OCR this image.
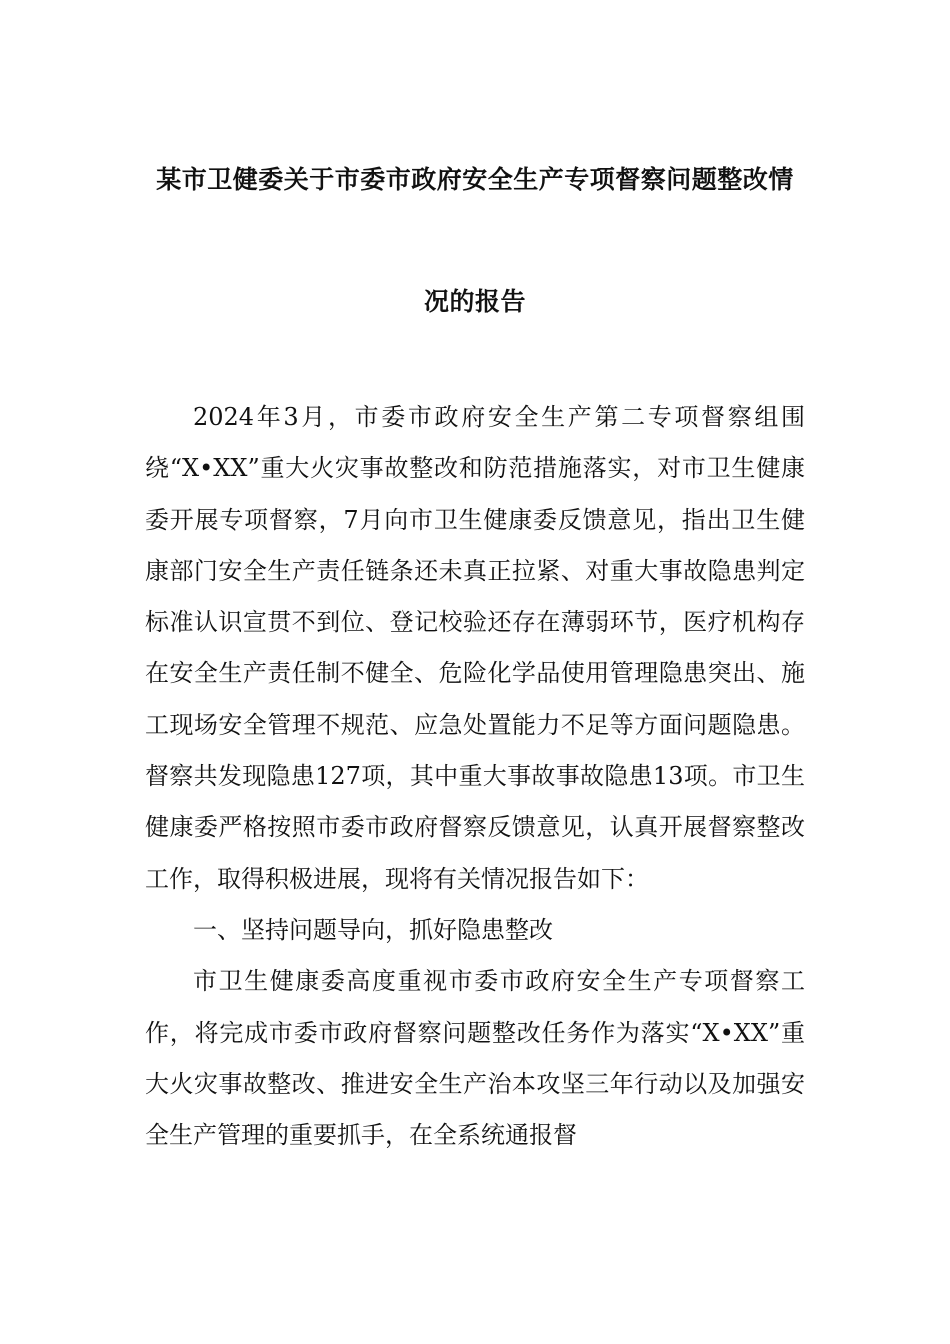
某市卫健委关于市委市政府安全生产专项督察问题整改情
况的报告

2024年3月，市委市政府安全生产第二专项督察组围绕“X•XX”重大火灾事故整改和防范措施落实，对市卫生健康委开展专项督察，7月向市卫生健康委反馈意见，指出卫生健康部门安全生产责任链条还未真正拉紧、对重大事故隐患判定标准认识宣贯不到位、登记校验还存在薄弱环节，医疗机构存在安全生产责任制不健全、危险化学品使用管理隐患突出、施工现场安全管理不规范、应急处置能力不足等方面问题隐患。督察共发现隐患127项，其中重大事故事故隐患13项。市卫生健康委严格按照市委市政府督察反馈意见，认真开展督察整改工作，取得积极进展，现将有关情况报告如下：

一、坚持问题导向，抓好隐患整改

市卫生健康委高度重视市委市政府安全生产专项督察工作，将完成市委市政府督察问题整改任务作为落实“X•XX”重大火灾事故整改、推进安全生产治本攻坚三年行动以及加强安全生产管理的重要抓手，在全系统通报督
